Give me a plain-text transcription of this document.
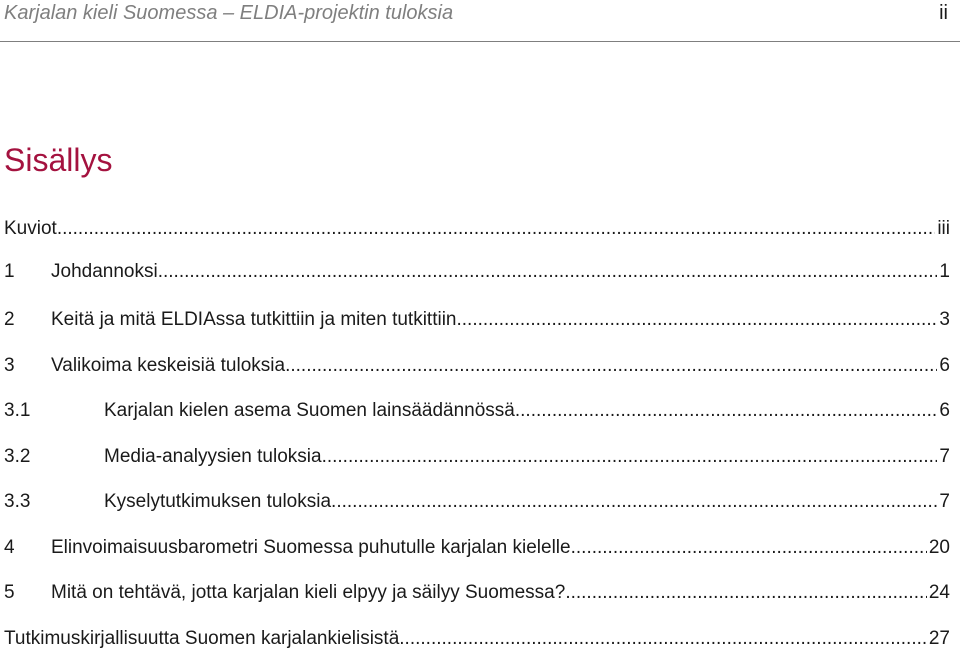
Karjalan kieli Suomessa – ELDIA-projektin tuloksia	ii
Sisällys
Kuviot .....	iii
1	Johdannoksi .....	1
2	Keitä ja mitä ELDIAssa tutkittiin ja miten tutkittiin. .....	3
3	Valikoima keskeisiä tuloksia .....	6
3.1	Karjalan kielen asema Suomen lainsäädännössä .....	6
3.2	Media-analyysien tuloksia .....	7
3.3	Kyselytutkimuksen tuloksia .....	7
4	Elinvoimaisuusbarometri Suomessa puhutulle karjalan kielelle .....	20
5	Mitä on tehtävä, jotta karjalan kieli elpyy ja säilyy Suomessa? .....	24
Tutkimuskirjallisuutta Suomen karjalankielisistä .....	27
